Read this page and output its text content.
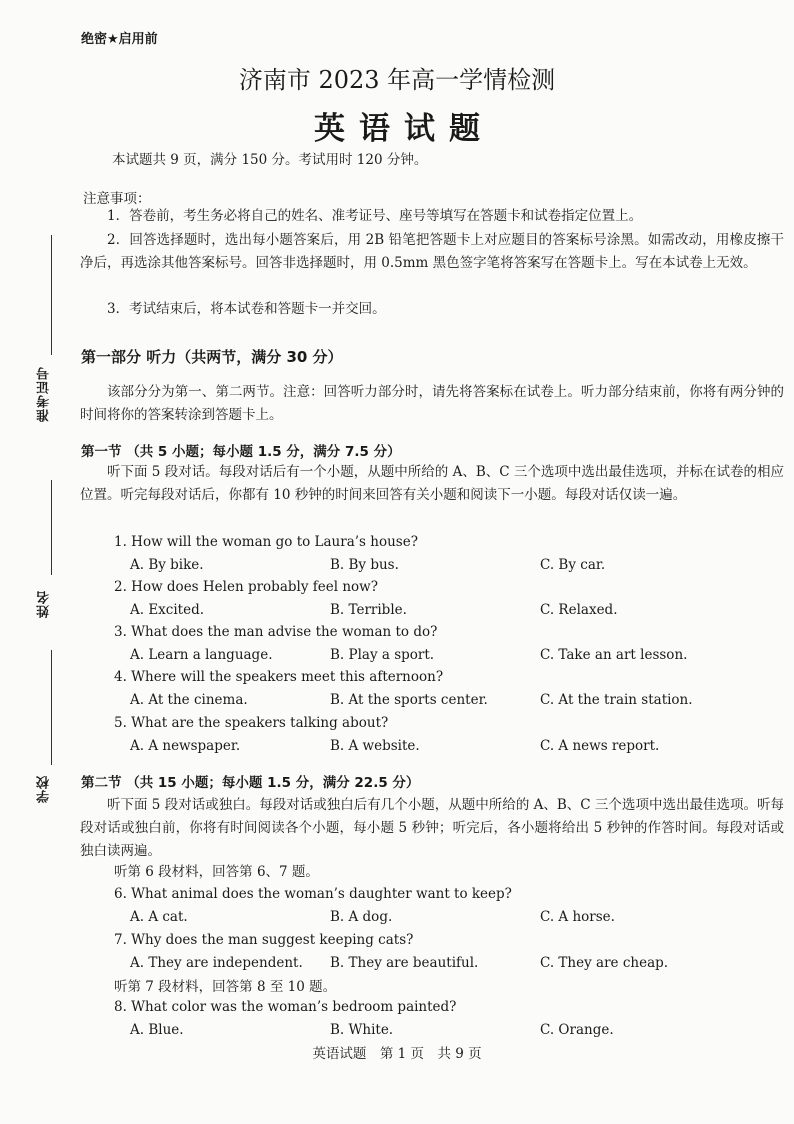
绝密★启用前
济南市 2023 年高一学情检测
英语试题
本试题共 9 页，满分 150 分。考试用时 120 分钟。
注意事项：
1．答卷前，考生务必将自己的姓名、准考证号、座号等填写在答题卡和试卷指定位置上。
2．回答选择题时，选出每小题答案后，用 2B 铅笔把答题卡上对应题目的答案标号涂黑。如需改动，用橡皮擦干净后，再选涂其他答案标号。回答非选择题时，用 0.5mm 黑色签字笔将答案写在答题卡上。写在本试卷上无效。
3．考试结束后，将本试卷和答题卡一并交回。
准考证号
姓名
学校
第一部分 听力（共两节，满分 30 分）
该部分分为第一、第二两节。注意：回答听力部分时，请先将答案标在试卷上。听力部分结束前，你将有两分钟的时间将你的答案转涂到答题卡上。
第一节 （共 5 小题；每小题 1.5 分，满分 7.5 分）
听下面 5 段对话。每段对话后有一个小题，从题中所给的 A、B、C 三个选项中选出最佳选项，并标在试卷的相应位置。听完每段对话后，你都有 10 秒钟的时间来回答有关小题和阅读下一小题。每段对话仅读一遍。
1. How will the woman go to Laura’s house?
A. By bike.	B. By bus.	C. By car.
2. How does Helen probably feel now?
A. Excited.	B. Terrible.	C. Relaxed.
3. What does the man advise the woman to do?
A. Learn a language.	B. Play a sport.	C. Take an art lesson.
4. Where will the speakers meet this afternoon?
A. At the cinema.	B. At the sports center.	C. At the train station.
5. What are the speakers talking about?
A. A newspaper.	B. A website.	C. A news report.
第二节 （共 15 小题；每小题 1.5 分，满分 22.5 分）
听下面 5 段对话或独白。每段对话或独白后有几个小题，从题中所给的 A、B、C 三个选项中选出最佳选项。听每段对话或独白前，你将有时间阅读各个小题，每小题 5 秒钟；听完后，各小题将给出 5 秒钟的作答时间。每段对话或独白读两遍。
听第 6 段材料，回答第 6、7 题。
6. What animal does the woman’s daughter want to keep?
A. A cat.	B. A dog.	C. A horse.
7. Why does the man suggest keeping cats?
A. They are independent. B. They are beautiful.	C. They are cheap.
听第 7 段材料，回答第 8 至 10 题。
8. What color was the woman’s bedroom painted?
A. Blue.	B. White.	C. Orange.
英语试题　第 1 页　共 9 页
